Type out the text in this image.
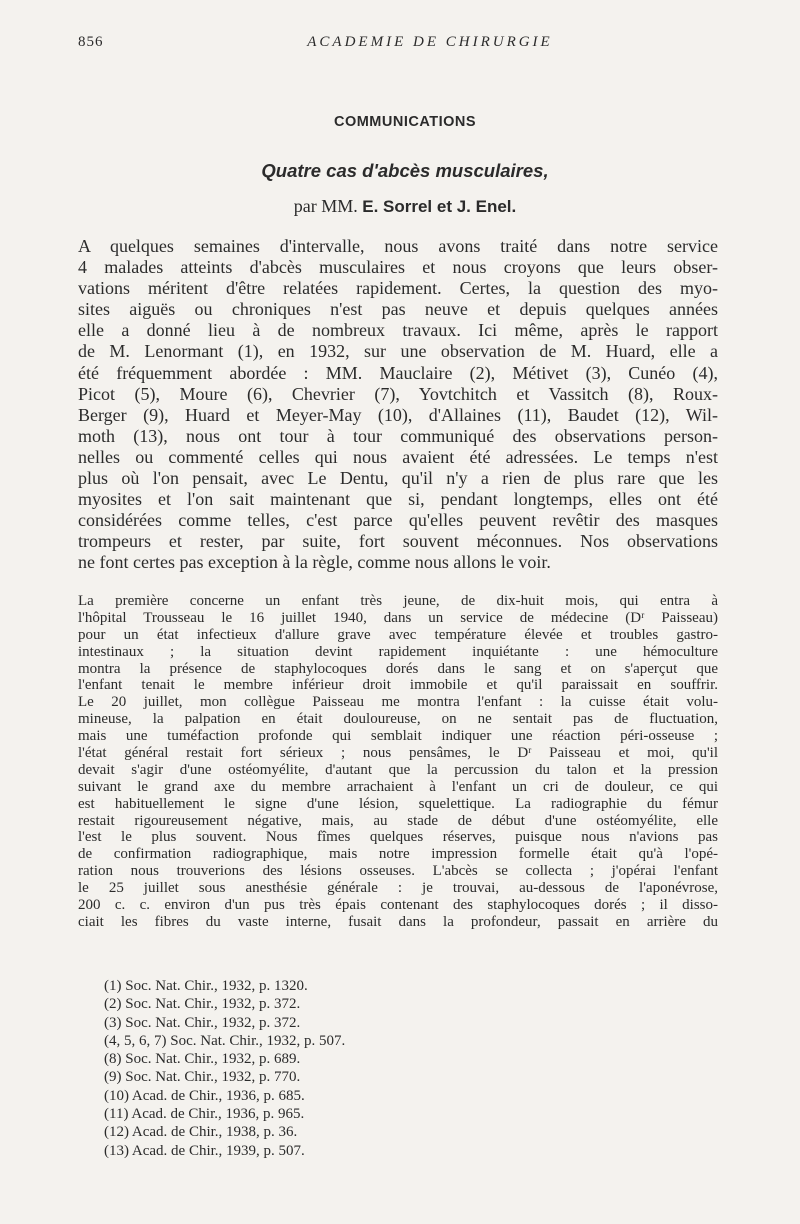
856	ACADEMIE DE CHIRURGIE
COMMUNICATIONS
Quatre cas d'abcès musculaires,
par MM. E. Sorrel et J. Enel.
A quelques semaines d'intervalle, nous avons traité dans notre service
4 malades atteints d'abcès musculaires et nous croyons que leurs obser-
vations méritent d'être relatées rapidement. Certes, la question des myo-
sites aiguës ou chroniques n'est pas neuve et depuis quelques années
elle a donné lieu à de nombreux travaux. Ici même, après le rapport
de M. Lenormant (1), en 1932, sur une observation de M. Huard, elle a
été fréquemment abordée : MM. Mauclaire (2), Métivet (3), Cunéo (4),
Picot (5), Moure (6), Chevrier (7), Yovtchitch et Vassitch (8), Roux-
Berger (9), Huard et Meyer-May (10), d'Allaines (11), Baudet (12), Wil-
moth (13), nous ont tour à tour communiqué des observations person-
nelles ou commenté celles qui nous avaient été adressées. Le temps n'est
plus où l'on pensait, avec Le Dentu, qu'il n'y a rien de plus rare que les
myosites et l'on sait maintenant que si, pendant longtemps, elles ont été
considérées comme telles, c'est parce qu'elles peuvent revêtir des masques
trompeurs et rester, par suite, fort souvent méconnues. Nos observations
ne font certes pas exception à la règle, comme nous allons le voir.
La première concerne un enfant très jeune, de dix-huit mois, qui entra à
l'hôpital Trousseau le 16 juillet 1940, dans un service de médecine (Dʳ Paisseau)
pour un état infectieux d'allure grave avec température élevée et troubles gastro-
intestinaux ; la situation devint rapidement inquiétante : une hémoculture
montra la présence de staphylocoques dorés dans le sang et on s'aperçut que
l'enfant tenait le membre inférieur droit immobile et qu'il paraissait en souffrir.
Le 20 juillet, mon collègue Paisseau me montra l'enfant : la cuisse était volu-
mineuse, la palpation en était douloureuse, on ne sentait pas de fluctuation,
mais une tuméfaction profonde qui semblait indiquer une réaction péri-osseuse ;
l'état général restait fort sérieux ; nous pensâmes, le Dʳ Paisseau et moi, qu'il
devait s'agir d'une ostéomyélite, d'autant que la percussion du talon et la pression
suivant le grand axe du membre arrachaient à l'enfant un cri de douleur, ce qui
est habituellement le signe d'une lésion, squelettique. La radiographie du fémur
restait rigoureusement négative, mais, au stade de début d'une ostéomyélite, elle
l'est le plus souvent. Nous fîmes quelques réserves, puisque nous n'avions pas
de confirmation radiographique, mais notre impression formelle était qu'à l'opé-
ration nous trouverions des lésions osseuses. L'abcès se collecta ; j'opérai l'enfant
le 25 juillet sous anesthésie générale : je trouvai, au-dessous de l'aponévrose,
200 c. c. environ d'un pus très épais contenant des staphylocoques dorés ; il disso-
ciait les fibres du vaste interne, fusait dans la profondeur, passait en arrière du
(1) Soc. Nat. Chir., 1932, p. 1320.
(2) Soc. Nat. Chir., 1932, p. 372.
(3) Soc. Nat. Chir., 1932, p. 372.
(4, 5, 6, 7) Soc. Nat. Chir., 1932, p. 507.
(8) Soc. Nat. Chir., 1932, p. 689.
(9) Soc. Nat. Chir., 1932, p. 770.
(10) Acad. de Chir., 1936, p. 685.
(11) Acad. de Chir., 1936, p. 965.
(12) Acad. de Chir., 1938, p. 36.
(13) Acad. de Chir., 1939, p. 507.
